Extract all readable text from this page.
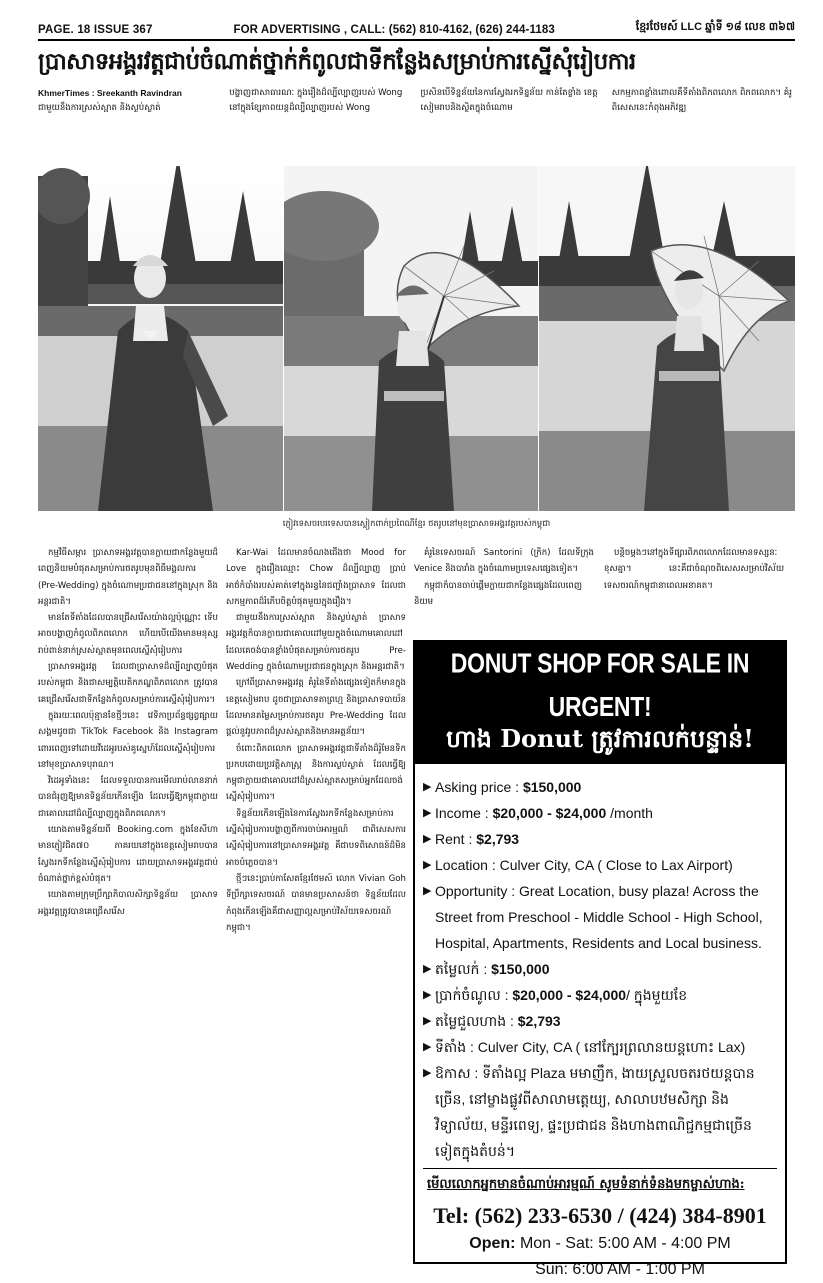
PAGE. 18 ISSUE 367	FOR ADVERTISING , CALL: (562) 810-4162, (626) 244-1183	ខ្មែរថែមស៍ LLC ឆ្នាំទី ១៨ លេខ ៣៦៧
ប្រាសាទអង្គរវត្តជាប់ចំណាត់ថ្នាក់កំពូលជាទីកន្លែងសម្រាប់ការស្នើសុំរៀបការ
KhmerTimes : Sreekanth Ravindran
ជាមួយនឹងការស្រស់ស្អាត និងស្ងប់ស្ងាត់
បង្ហាញជាសាធារណៈ ក្នុងរឿងដ៏ល្បីល្បាញរបស់ Wong នៅក្នុងខ្សែភាពយន្តដ៏ល្បីល្បាញរបស់ Wong
ប្រសិនបើទិន្នន័យនៃការស្វែងរកទិន្នន័យ កាន់តែខ្លាំង ខេត្តសៀមរាបនិងស្ថិតក្នុងចំណោម
សកម្មភាពខ្លាំងពោលគឺទីតាំងពិភពលោក ពិភពលោក។ គំរូពិសេសនេះកំពុងអភិវឌ្ឍ
ភ្ញៀវទេសចរបរទេសបានស្លៀកពាក់ប្រពៃណីខ្មែរ ថតរូបនៅមុខប្រាសាទអង្គរវត្តរបស់កម្ពុជា

កម្មវិធីសម្ភារ ប្រាសាទអង្គរវត្តបានក្លាយជាកន្លែងមួយដ៏ពេញនិយមបំផុតសម្រាប់ការថតរូបមុនពិធីមង្គលការ (Pre-Wedding) ក្នុងចំណោមប្រជាជននៅក្នុងស្រុក និងអន្តរជាតិ។

មានតែទីតាំងដែលបានជ្រើសរើសយ៉ាងល្អប៉ុណ្ណោះ ទើបអាចបង្ហាញកំពូលពិភពលោក ហើយបើយើងមានមនុស្សរាប់ពាន់នាក់ស្រស់ស្អាតមុនពេលស្នើសុំរៀបការ

ប្រាសាទអង្គរវត្ត ដែលជាប្រាសាទដ៏ល្បីល្បាញបំផុតរបស់កម្ពុជា និងជាសម្បត្តិបេតិកភណ្ឌពិភពលោក ត្រូវបានគេជ្រើសរើសជាទីកន្លែងកំពូលសម្រាប់ការស្នើសុំរៀបការ។

ក្នុងរយៈពេលប៉ុន្មានខែថ្មីៗនេះ វេទិកាប្រព័ន្ធផ្សព្វផ្សាយសង្គមដូចជា TikTok Facebook និង Instagram ពោរពេញទៅដោយវីដេអូរបស់គូស្នេហ៍ដែលស្នើសុំរៀបការនៅមុខប្រាសាទបុរាណ។

វិដេអូទាំងនេះ ដែលទទួលបានការមើលរាប់លាននាក់ បានជំរុញឱ្យមានទិន្នន័យកើនឡើង ដែលធ្វើឱ្យកម្ពុជាក្លាយជាគោលដៅដ៏ល្បីល្បាញក្នុងពិភពលោក។

យោងតាមទិន្នន័យពី Booking.com ក្នុងខែសីហា មានភ្ញៀវជិត៧០ ភាគរយនៅក្នុងខេត្តសៀមរាបបានស្វែងរកទីកន្លែងស្នើសុំរៀបការ ដោយប្រាសាទអង្គរវត្តជាប់ចំណាត់ថ្នាក់ខ្ពស់បំផុត។

យោងតាមក្រុមប្រឹក្សាភិបាលសិក្សាទិន្នន័យ ប្រាសាទអង្គរវត្តត្រូវបានគេជ្រើសរើស

Kar-Wai ដែលមានចំណងជើងថា Mood for Love ក្នុងរឿងឈ្មោះ Chow ដ៏ល្បីល្បាញ ប្រាប់អាថ៌កំបាំងរបស់គាត់ទៅក្នុងរន្ធនៃជញ្ជាំងប្រាសាទ ដែលជាសកម្មភាពដ៏រំភើបចិត្តបំផុតមួយក្នុងរឿង។

ជាមួយនឹងការស្រស់ស្អាត និងស្ងប់ស្ងាត់ ប្រាសាទអង្គរវត្តក៏បានក្លាយជាគោលដៅមួយក្នុងចំណោមគោលដៅដែលគេចង់បានខ្លាំងបំផុតសម្រាប់ការថតរូប Pre-Wedding ក្នុងចំណោមប្រជាជនក្នុងស្រុក និងអន្តរជាតិ។

ក្រៅពីប្រាសាទអង្គរវត្ត គំរូនៃទីតាំងផ្សេងទៀតក៏មានក្នុងខេត្តសៀមរាប ដូចជាប្រាសាទតាព្រហ្ម និងប្រាសាទបាយ័ន ដែលមានតម្លៃសម្រាប់ការថតរូប Pre-Wedding ដែលផ្តល់នូវរូបភាពដ៏ស្រស់ស្អាតនិងមានអត្ថន័យ។

ចំពោះពិភពលោក ប្រាសាទអង្គរវត្តជាទីតាំងដ៏រ៉ូមែនទិក ប្រកបដោយប្រវត្តិសាស្ត្រ និងការស្ងប់ស្ងាត់ ដែលធ្វើឱ្យកម្ពុជាក្លាយជាគោលដៅដ៏ស្រស់ស្អាតសម្រាប់អ្នកដែលចង់ស្នើសុំរៀបការ។

ទិន្នន័យកើនឡើងនៃការស្វែងរកទីកន្លែងសម្រាប់ការស្នើសុំរៀបការបង្ហាញពីការចាប់អារម្មណ៍ ជាពិសេសការស្នើសុំរៀបការនៅប្រាសាទអង្គរវត្ត គឺជាបទពិសោធន៍ដ៏មិនអាចបំភ្លេចបាន។

ថ្មីៗនេះប្រាប់កាសែតខ្មែរថែមស៍ លោក Vivian Goh ទីប្រឹក្សាទេសចរណ៍ បានមានប្រសាសន៍ថា ទិន្នន័យដែលកំពុងកើនឡើងគឺជាសញ្ញាល្អសម្រាប់វិស័យទេសចរណ៍កម្ពុជា។

គំរូនៃទេសចរណ៍ Santorini (ក្រិក) ដែលទីក្រុង Venice និងបារាំង ក្នុងចំណោមប្រទេសផ្សេងទៀត។

កម្ពុជាក៏បានចាប់ផ្តើមក្លាយជាកន្លែងផ្សេងដែលពេញនិយម

បន្ថិចម្តងៗនៅក្នុងទីផ្សារពិភពលោកដែលមានទស្សនៈខុសគ្នា។ នេះគឺជាចំណុចពិសេសសម្រាប់វិស័យទេសចរណ៍កម្ពុជានាពេលអនាគត។

DONUT SHOP FOR SALE IN URGENT!
ហាង Donut ត្រូវការលក់បន្ទាន់!
▶ Asking price : $150,000
▶ Income : $20,000 - $24,000 /month
▶ Rent : $2,793
▶ Location : Culver City, CA ( Close to Lax Airport)
▶ Opportunity : Great Location, busy plaza! Across the Street from Preschool - Middle School - High School, Hospital, Apartments, Residents and Local business.
▶ តម្លៃលក់ : $150,000
▶ ប្រាក់ចំណូល : $20,000 - $24,000/ ក្នុងមួយខែ
▶ តម្លៃជួលហាង : $2,793
▶ ទីតាំង : Culver City, CA ( នៅក្បែរព្រលានយន្តហោះ Lax)
▶ ឱកាស : ទីតាំងល្អ Plaza មមាញឹក, ងាយស្រួលចតរថយន្តបានច្រើន, នៅម្ខាងផ្លូវពីសាលាមត្តេយ្យ, សាលាបឋមសិក្សា និងវិទ្យាល័យ, មន្ទីរពេទ្យ, ផ្ទះប្រជាជន និងហាងពាណិជ្ជកម្មជាច្រើនទៀតក្នុងតំបន់។
មើលលោកអ្នកមានចំណាប់អារម្មណ៍ សូមទំនាក់ទំនងមកម្ចាស់ហាង:
Tel: (562) 233-6530 / (424) 384-8901
Open: Mon - Sat: 5:00 AM - 4:00 PM
Sun: 6:00 AM - 1:00 PM
